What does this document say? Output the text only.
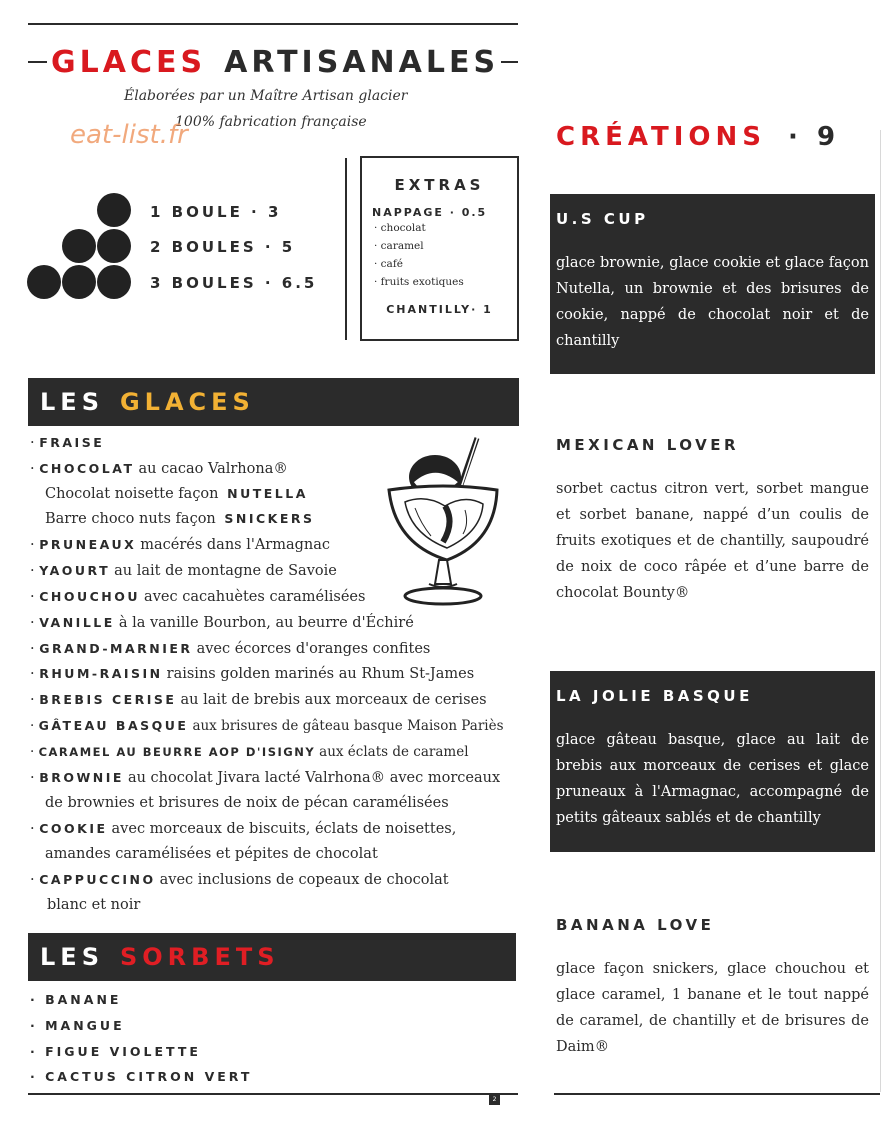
GLACES ARTISANALES
Élaborées par un Maître Artisan glacier
100% fabrication française
eat-list.fr
1 BOULE · 3
2 BOULES · 5
3 BOULES · 6.5
EXTRAS
NAPPAGE · 0.5
· chocolat
· caramel
· café
· fruits exotiques
CHANTILLY· 1
LES GLACES
· FRAISE
· CHOCOLAT au cacao Valrhona®
Chocolat noisette façon NUTELLA
Barre choco nuts façon SNICKERS
· PRUNEAUX macérés dans l'Armagnac
· YAOURT au lait de montagne de Savoie
· CHOUCHOU avec cacahuètes caramélisées
· VANILLE à la vanille Bourbon, au beurre d'Échiré
· GRAND-MARNIER avec écorces d'oranges confites
· RHUM-RAISIN raisins golden marinés au Rhum St-James
· BREBIS CERISE au lait de brebis aux morceaux de cerises
· GÂTEAU BASQUE aux brisures de gâteau basque Maison Pariès
· CARAMEL AU BEURRE AOP D'ISIGNY aux éclats de caramel
· BROWNIE au chocolat Jivara lacté Valrhona® avec morceaux
de brownies et brisures de noix de pécan caramélisées
· COOKIE avec morceaux de biscuits, éclats de noisettes,
amandes caramélisées et pépites de chocolat
· CAPPUCCINO avec inclusions de copeaux de chocolat
blanc et noir
LES SORBETS
· BANANE
· MANGUE
· FIGUE VIOLETTE
· CACTUS CITRON VERT
2
CRÉATIONS · 9
U.S CUP
glace brownie, glace cookie et glace façon Nutella, un brownie et des brisures de cookie, nappé de chocolat noir et de chantilly
MEXICAN LOVER
sorbet cactus citron vert, sorbet mangue et sorbet banane, nappé d’un coulis de fruits exotiques et de chantilly, saupoudré de noix de coco râpée et d’une barre de chocolat Bounty®
LA JOLIE BASQUE
glace gâteau basque, glace au lait de brebis aux morceaux de cerises et glace pruneaux à l'Armagnac, accompagné de petits gâteaux sablés et de chantilly
BANANA LOVE
glace façon snickers, glace chouchou et glace caramel, 1 banane et le tout nappé de caramel, de chantilly et de brisures de Daim®
